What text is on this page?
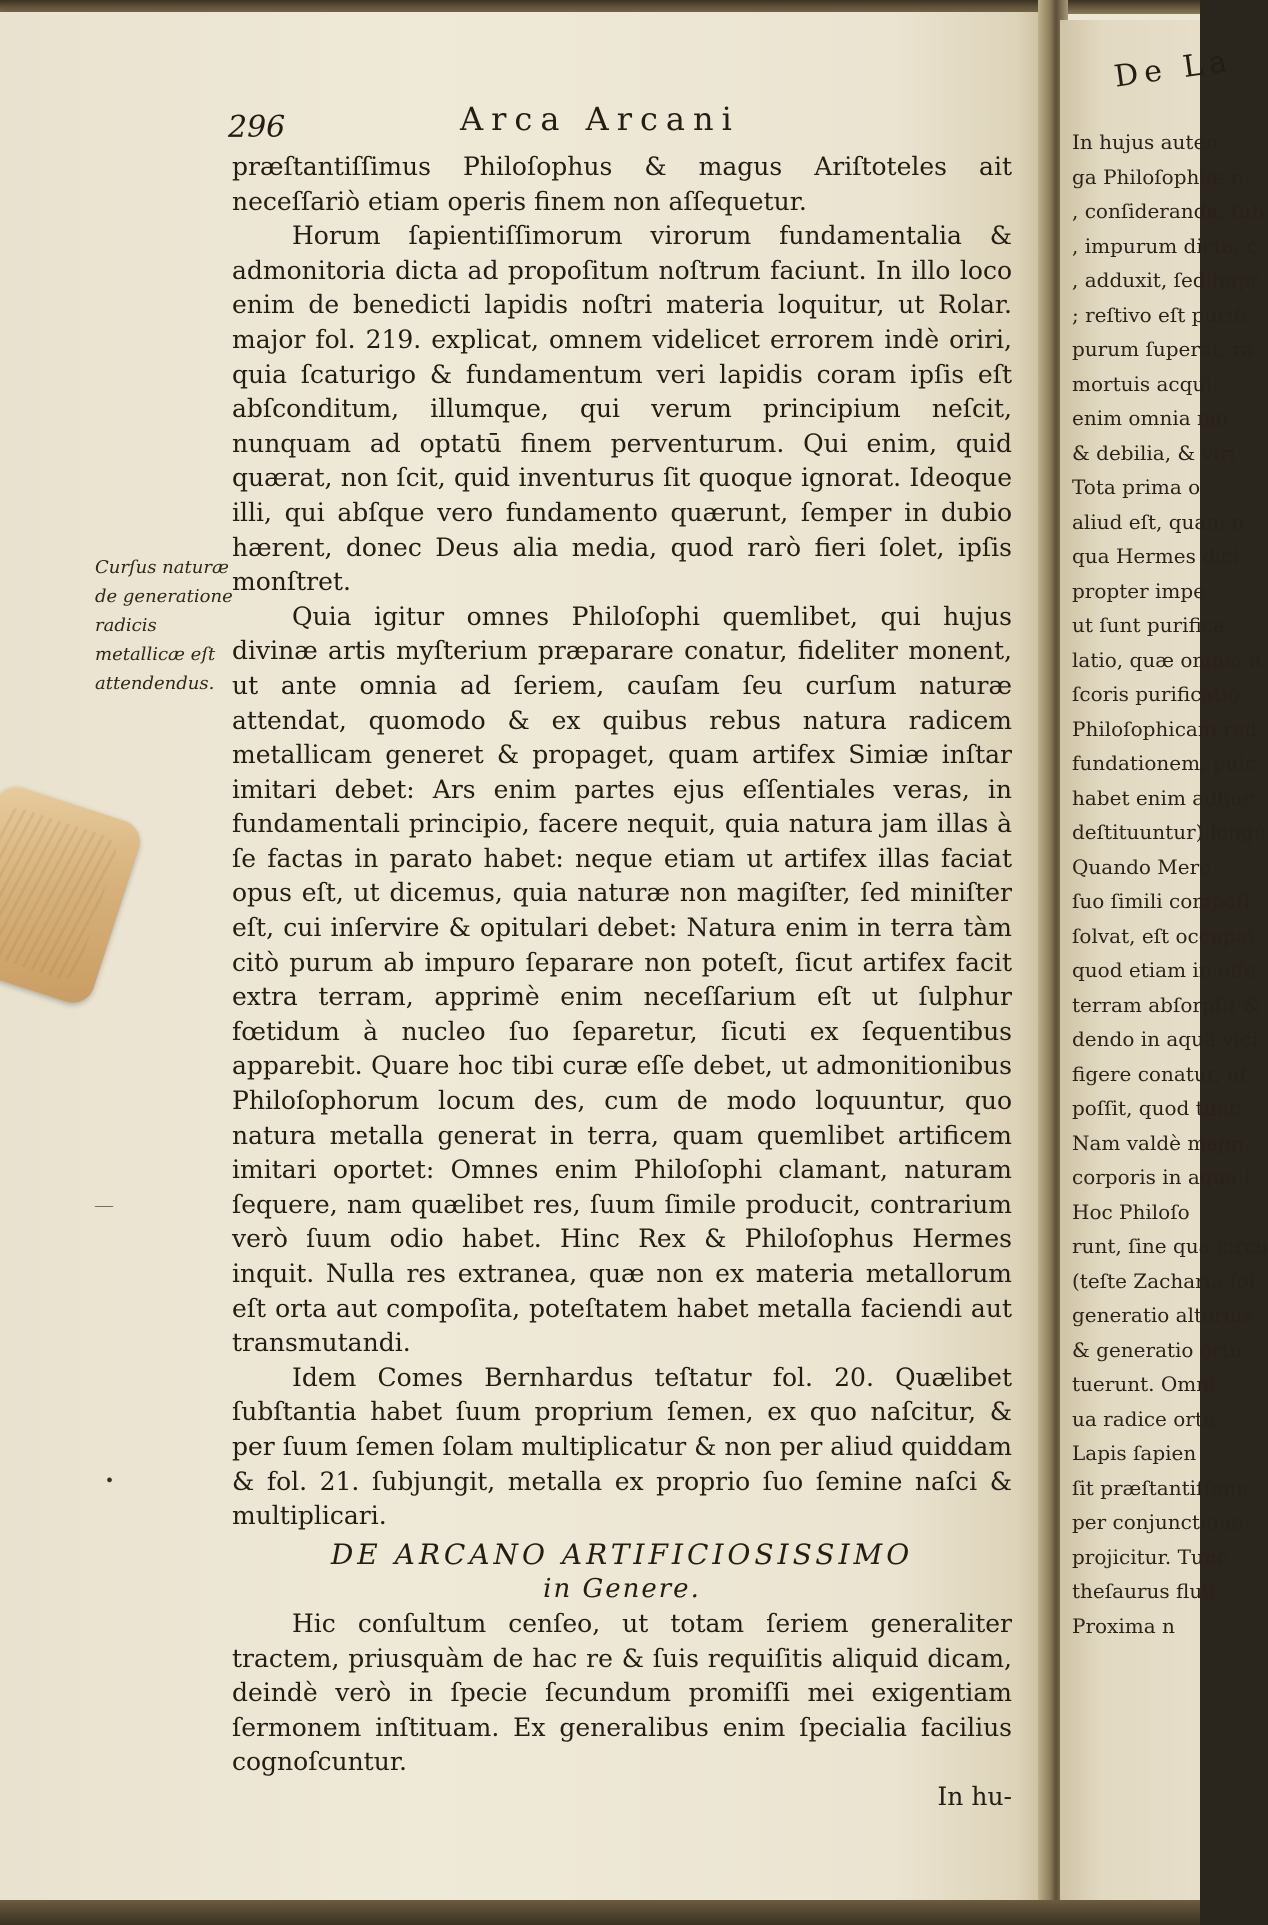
296	Arca Arcani

præſtantiſſimus Philoſophus & magus Ariſtoteles ait neceſſariò etiam operis finem non aſſequetur.

Horum ſapientiſſimorum virorum fundamentalia & admonitoria dicta ad propoſitum noſtrum faciunt. In illo loco enim de benedicti lapidis noſtri materia loquitur, ut Rolar. major fol. 219. explicat, omnem videlicet errorem indè oriri, quia ſcaturigo & fundamentum veri lapidis coram ipſis eſt abſconditum, illumque, qui verum principium neſcit, nunquam ad optatū finem perventurum. Qui enim, quid quærat, non ſcit, quid inventurus ſit quoque ignorat. Ideoque illi, qui abſque vero fundamento quærunt, ſemper in dubio hærent, donec Deus alia media, quod rarò fieri ſolet, ipſis monſtret.

Quia igitur omnes Philoſophi quemlibet, qui hujus divinæ artis myſterium præparare conatur, fideliter monent, ut ante omnia ad ſeriem, cauſam ſeu curſum naturæ attendat, quomodo & ex quibus rebus natura radicem metallicam generet & propaget, quam artifex Simiæ inſtar imitari debet: Ars enim partes ejus eſſentiales veras, in fundamentali principio, facere nequit, quia natura jam illas à ſe factas in parato habet: neque etiam ut artifex illas faciat opus eſt, ut dicemus, quia naturæ non magiſter, ſed miniſter eſt, cui inſervire & opitulari debet: Natura enim in terra tàm citò purum ab impuro ſeparare non poteſt, ſicut artifex facit extra terram, apprimè enim neceſſarium eſt ut ſulphur fœtidum à nucleo ſuo ſeparetur, ſicuti ex ſequentibus apparebit. Quare hoc tibi curæ eſſe debet, ut admonitionibus Philoſophorum locum des, cum de modo loquuntur, quo natura metalla generat in terra, quam quemlibet artificem imitari oportet: Omnes enim Philoſophi clamant, naturam ſequere, nam quælibet res, ſuum ſimile producit, contrarium verò ſuum odio habet. Hinc Rex & Philoſophus Hermes inquit. Nulla res extranea, quæ non ex materia metallorum eſt orta aut compoſita, poteſtatem habet metalla faciendi aut transmutandi.

Idem Comes Bernhardus teſtatur fol. 20. Quælibet ſubſtantia habet ſuum proprium ſemen, ex quo naſcitur, & per ſuum ſemen ſolam multiplicatur & non per aliud quiddam & fol. 21. ſubjungit, metalla ex proprio ſuo ſemine naſci & multiplicari.

DE ARCANO ARTIFICIOSISSIMO
in Genere.

Hic conſultum cenſeo, ut totam ſeriem generaliter tractem, priusquàm de hac re & ſuis requiſitis aliquid dicam, deindè verò in ſpecie ſecundum promiſſi mei exigentiam ſermonem inſtituam. Ex generalibus enim ſpecialia facilius cognoſcuntur.

In hu-

Curſus naturæ de generatione radicis metallicæ eſt attendendus.
—
•
De La
In hujus auten
ga Philoſophiæ n
, conſideranda, ſub
, impurum dicta, c
, adduxit, ſed impr
; reſtivo eſt purifi
purum ſuperat, ra
mortuis acqui
enim omnia mo
& debilia, & viri
Tota prima o
aliud eſt, quam n
qua Hermes dici
propter impe
ut ſunt purifica
latio, quæ omnia n
ſcoris purificatio
Philoſophicam red
fundationem, pulc
habet enim adhuc
deſtituuntur) longè
Quando Merc
ſuo ſimili compoſi
ſolvat, eſt occupat
quod etiam in effe
terram abſorpſit &
dendo in aquâ vici
figere conatur, ut
poſſit, quod tunc
Nam valdè magn
corporis in aqua (
Hoc Philoſo
runt, ſine qua circu
(teſte Zacharia fol
generatio alterius
& generatio ortu
tuerunt. Omni
ua radice ortu
Lapis ſapien
ſit præſtantiſſimu
per conjunctione
projicitur. Tunc
theſaurus fluit
Proxima n
